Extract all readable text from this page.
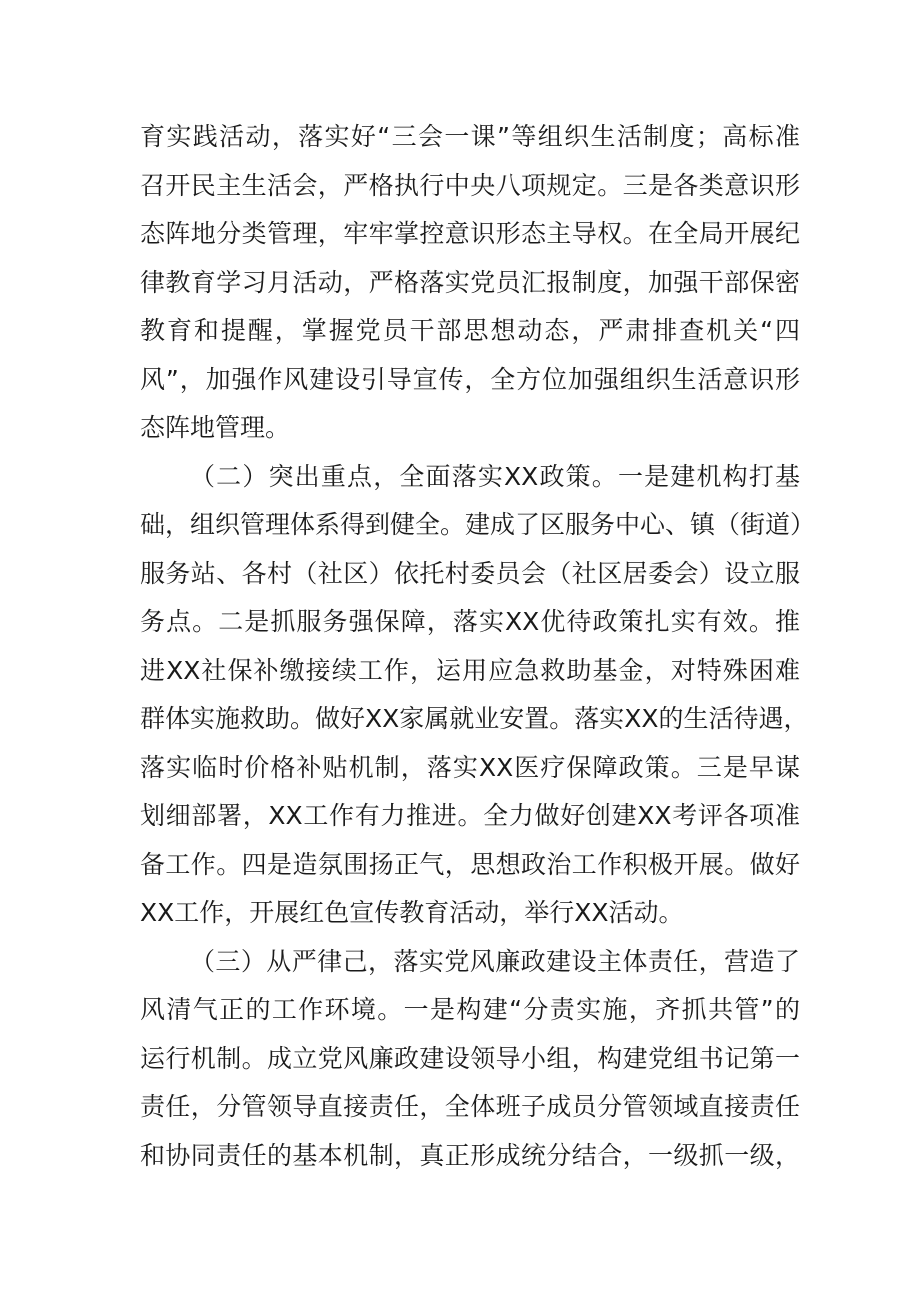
育实践活动，落实好“三会一课”等组织生活制度；高标准
召开民主生活会，严格执行中央八项规定。三是各类意识形
态阵地分类管理，牢牢掌控意识形态主导权。在全局开展纪
律教育学习月活动，严格落实党员汇报制度，加强干部保密
教育和提醒，掌握党员干部思想动态，严肃排查机关“四
风”，加强作风建设引导宣传，全方位加强组织生活意识形
态阵地管理。
（二）突出重点，全面落实XX政策。一是建机构打基
础，组织管理体系得到健全。建成了区服务中心、镇（街道）
服务站、各村（社区）依托村委员会（社区居委会）设立服
务点。二是抓服务强保障，落实XX优待政策扎实有效。推
进XX社保补缴接续工作，运用应急救助基金，对特殊困难
群体实施救助。做好XX家属就业安置。落实XX的生活待遇，
落实临时价格补贴机制，落实XX医疗保障政策。三是早谋
划细部署，XX工作有力推进。全力做好创建XX考评各项准
备工作。四是造氛围扬正气，思想政治工作积极开展。做好
XX工作，开展红色宣传教育活动，举行XX活动。
（三）从严律己，落实党风廉政建设主体责任，营造了
风清气正的工作环境。一是构建“分责实施，齐抓共管”的
运行机制。成立党风廉政建设领导小组，构建党组书记第一
责任，分管领导直接责任，全体班子成员分管领域直接责任
和协同责任的基本机制，真正形成统分结合，一级抓一级，
